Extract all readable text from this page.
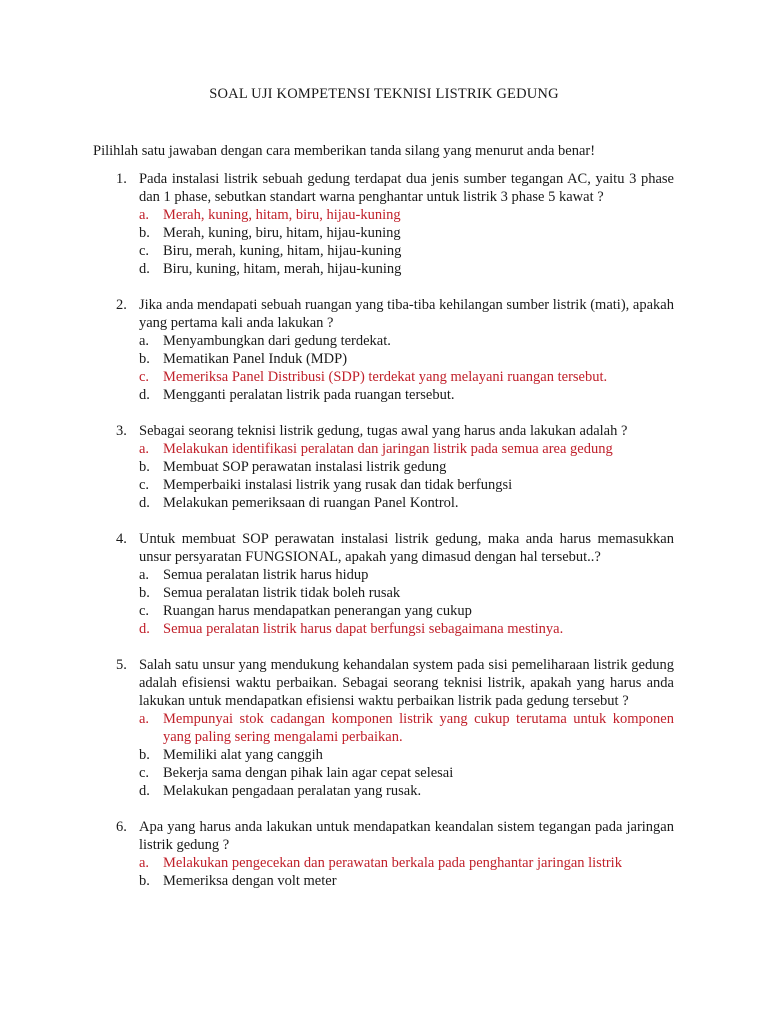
SOAL UJI KOMPETENSI TEKNISI LISTRIK GEDUNG
Pilihlah satu jawaban dengan cara memberikan tanda silang yang menurut anda benar!
1. Pada instalasi listrik sebuah gedung terdapat dua jenis sumber tegangan AC, yaitu 3 phase dan 1 phase, sebutkan standart warna penghantar untuk listrik 3 phase 5 kawat ?
a. Merah, kuning, hitam, biru, hijau-kuning
b. Merah, kuning, biru, hitam, hijau-kuning
c. Biru, merah, kuning, hitam, hijau-kuning
d. Biru, kuning, hitam, merah, hijau-kuning
2. Jika anda mendapati sebuah ruangan yang tiba-tiba kehilangan sumber listrik (mati), apakah yang pertama kali anda lakukan ?
a. Menyambungkan dari gedung terdekat.
b. Mematikan Panel Induk (MDP)
c. Memeriksa Panel Distribusi (SDP) terdekat yang melayani ruangan tersebut.
d. Mengganti peralatan listrik pada ruangan tersebut.
3. Sebagai seorang teknisi listrik gedung, tugas awal yang harus anda lakukan adalah ?
a. Melakukan identifikasi peralatan dan jaringan listrik pada semua area gedung
b. Membuat SOP perawatan instalasi listrik gedung
c. Memperbaiki instalasi listrik yang rusak dan tidak berfungsi
d. Melakukan pemeriksaan di ruangan Panel Kontrol.
4. Untuk membuat SOP perawatan instalasi listrik gedung, maka anda harus memasukkan unsur persyaratan FUNGSIONAL, apakah yang dimasud dengan hal tersebut..?
a. Semua peralatan listrik harus hidup
b. Semua peralatan listrik tidak boleh rusak
c. Ruangan harus mendapatkan penerangan yang cukup
d. Semua peralatan listrik harus dapat berfungsi sebagaimana mestinya.
5. Salah satu unsur yang mendukung kehandalan system pada sisi pemeliharaan listrik gedung adalah efisiensi waktu perbaikan. Sebagai seorang teknisi listrik, apakah yang harus anda lakukan untuk mendapatkan efisiensi waktu perbaikan listrik pada gedung tersebut ?
a. Mempunyai stok cadangan komponen listrik yang cukup terutama untuk komponen yang paling sering mengalami perbaikan.
b. Memiliki alat yang canggih
c. Bekerja sama dengan pihak lain agar cepat selesai
d. Melakukan pengadaan peralatan yang rusak.
6. Apa yang harus anda lakukan untuk mendapatkan keandalan sistem tegangan pada jaringan listrik gedung ?
a. Melakukan pengecekan dan perawatan berkala pada penghantar jaringan listrik
b. Memeriksa dengan volt meter
